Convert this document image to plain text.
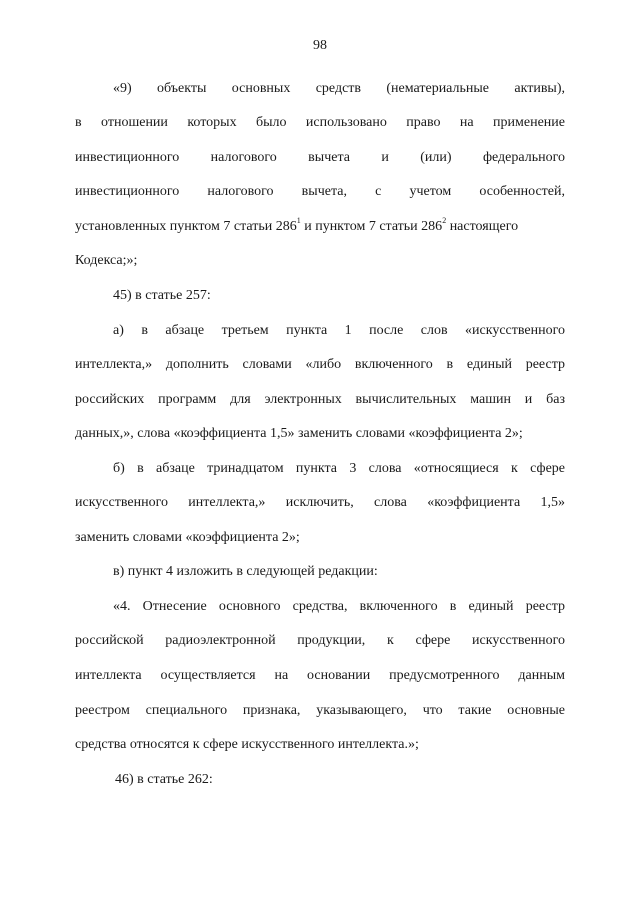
98
«9) объекты основных средств (нематериальные активы),
в отношении которых было использовано право на применение
инвестиционного налогового вычета и (или) федерального
инвестиционного налогового вычета, с учетом особенностей,
установленных пунктом 7 статьи $286^1$ и пунктом 7 статьи $286^2$ настоящего
Кодекса;»;
45) в статье 257:
а) в абзаце третьем пункта 1 после слов «искусственного
интеллекта,» дополнить словами «либо включенного в единый реестр
российских программ для электронных вычислительных машин и баз
данных,», слова «коэффициента 1,5» заменить словами «коэффициента 2»;
б) в абзаце тринадцатом пункта 3 слова «относящиеся к сфере
искусственного интеллекта,» исключить, слова «коэффициента 1,5»
заменить словами «коэффициента 2»;
в) пункт 4 изложить в следующей редакции:
«4. Отнесение основного средства, включенного в единый реестр
российской радиоэлектронной продукции, к сфере искусственного
интеллекта осуществляется на основании предусмотренного данным
реестром специального признака, указывающего, что такие основные
средства относятся к сфере искусственного интеллекта.»;
46) в статье 262:
